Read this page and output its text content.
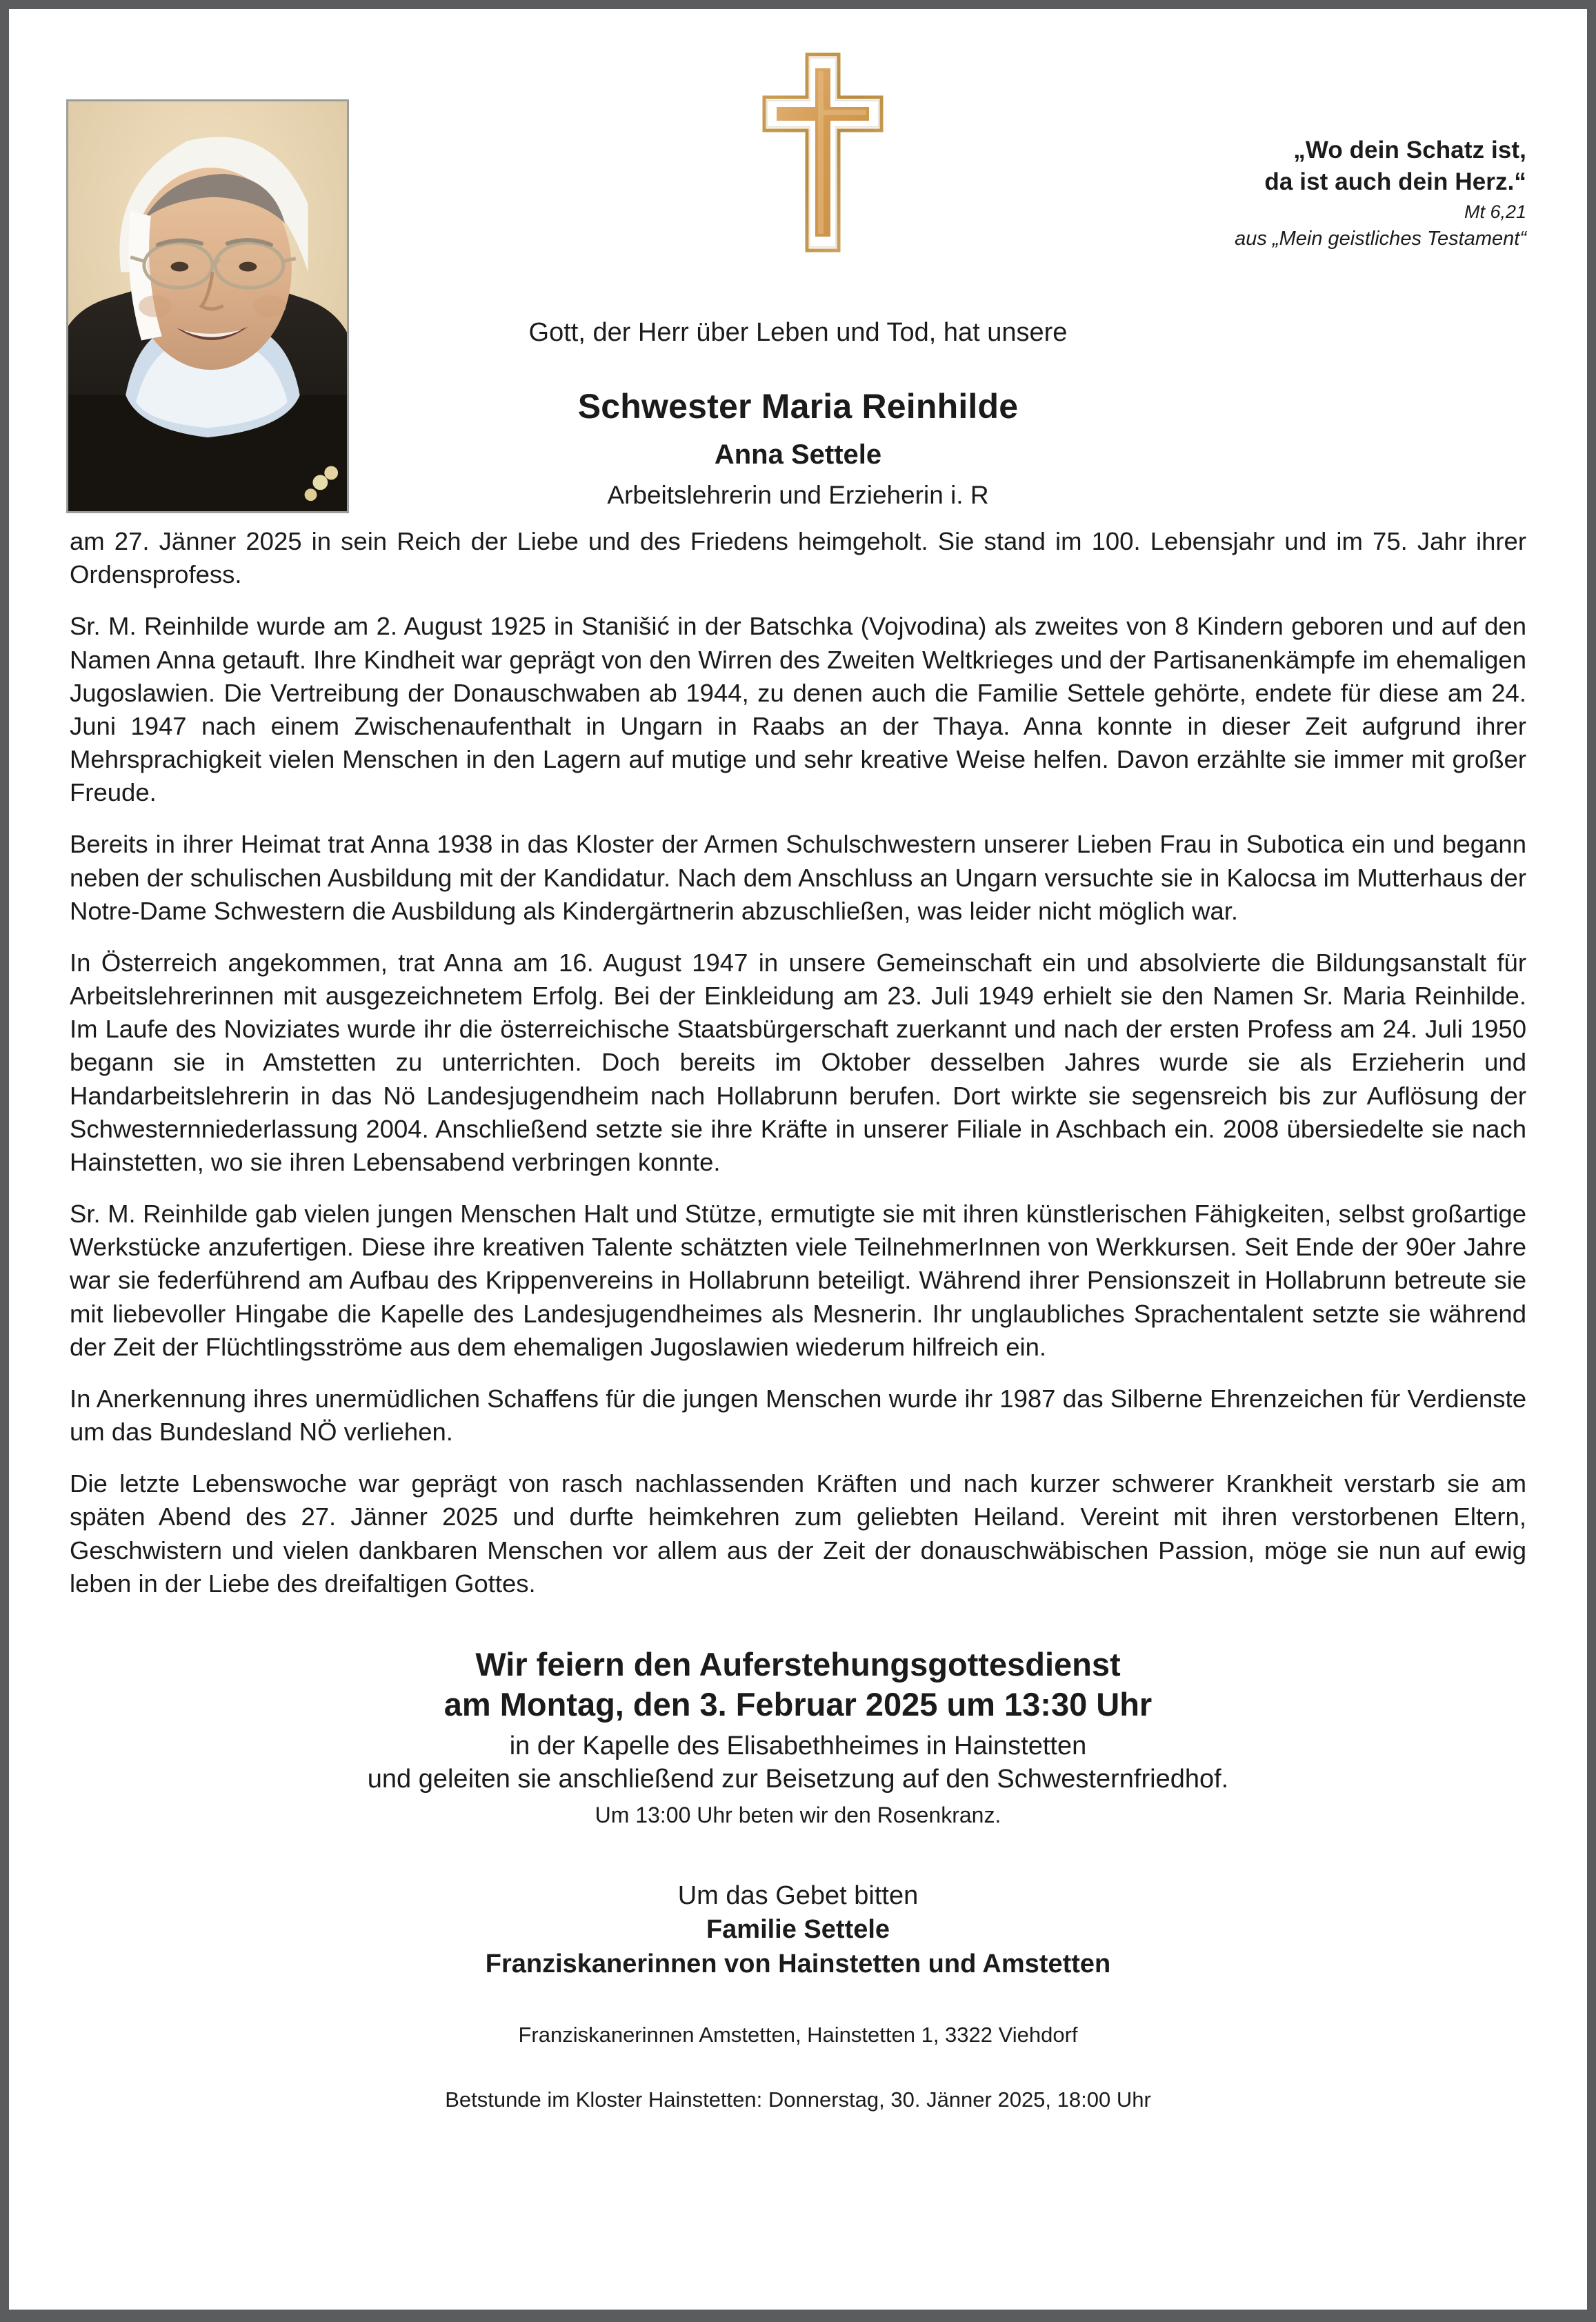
„Wo dein Schatz ist,
da ist auch dein Herz.“
Mt 6,21
aus „Mein geistliches Testament“
Gott, der Herr über Leben und Tod, hat unsere
Schwester Maria Reinhilde
Anna Settele
Arbeitslehrerin und Erzieherin i. R

am 27. Jänner 2025 in sein Reich der Liebe und des Friedens heimgeholt. Sie stand im 100. Lebensjahr und im 75. Jahr ihrer Ordensprofess.

Sr. M. Reinhilde wurde am 2. August 1925 in Stanišić in der Batschka (Vojvodina) als zweites von 8 Kindern geboren und auf den Namen Anna getauft. Ihre Kindheit war geprägt von den Wirren des Zweiten Weltkrieges und der Partisanenkämpfe im ehemaligen Jugoslawien. Die Vertreibung der Donauschwaben ab 1944, zu denen auch die Familie Settele gehörte, endete für diese am 24. Juni 1947 nach einem Zwischenaufenthalt in Ungarn in Raabs an der Thaya. Anna konnte in dieser Zeit aufgrund ihrer Mehrsprachigkeit vielen Menschen in den Lagern auf mutige und sehr kreative Weise helfen. Davon erzählte sie immer mit großer Freude.

Bereits in ihrer Heimat trat Anna 1938 in das Kloster der Armen Schulschwestern unserer Lieben Frau in Subotica ein und begann neben der schulischen Ausbildung mit der Kandidatur. Nach dem Anschluss an Ungarn versuchte sie in Kalocsa im Mutterhaus der Notre-Dame Schwestern die Ausbildung als Kindergärtnerin abzuschließen, was leider nicht möglich war.

In Österreich angekommen, trat Anna am 16. August 1947 in unsere Gemeinschaft ein und absolvierte die Bildungsanstalt für Arbeitslehrerinnen mit ausgezeichnetem Erfolg. Bei der Einkleidung am 23. Juli 1949 erhielt sie den Namen Sr. Maria Reinhilde. Im Laufe des Noviziates wurde ihr die österreichische Staatsbürgerschaft zuerkannt und nach der ersten Profess am 24. Juli 1950 begann sie in Amstetten zu unterrichten. Doch bereits im Oktober desselben Jahres wurde sie als Erzieherin und Handarbeitslehrerin in das Nö Landesjugendheim nach Hollabrunn berufen. Dort wirkte sie segensreich bis zur Auflösung der Schwesternniederlassung 2004. Anschließend setzte sie ihre Kräfte in unserer Filiale in Aschbach ein. 2008 übersiedelte sie nach Hainstetten, wo sie ihren Lebensabend verbringen konnte.

Sr. M. Reinhilde gab vielen jungen Menschen Halt und Stütze, ermutigte sie mit ihren künstlerischen Fähigkeiten, selbst großartige Werkstücke anzufertigen. Diese ihre kreativen Talente schätzten viele TeilnehmerInnen von Werkkursen. Seit Ende der 90er Jahre war sie federführend am Aufbau des Krippenvereins in Hollabrunn beteiligt. Während ihrer Pensionszeit in Hollabrunn betreute sie mit liebevoller Hingabe die Kapelle des Landesjugendheimes als Mesnerin. Ihr unglaubliches Sprachentalent setzte sie während der Zeit der Flüchtlingsströme aus dem ehemaligen Jugoslawien wiederum hilfreich ein.

In Anerkennung ihres unermüdlichen Schaffens für die jungen Menschen wurde ihr 1987 das Silberne Ehrenzeichen für Verdienste um das Bundesland NÖ verliehen.

Die letzte Lebenswoche war geprägt von rasch nachlassenden Kräften und nach kurzer schwerer Krankheit verstarb sie am späten Abend des 27. Jänner 2025 und durfte heimkehren zum geliebten Heiland. Vereint mit ihren verstorbenen Eltern, Geschwistern und vielen dankbaren Menschen vor allem aus der Zeit der donauschwäbischen Passion, möge sie nun auf ewig leben in der Liebe des dreifaltigen Gottes.

Wir feiern den Auferstehungsgottesdienst
am Montag, den 3. Februar 2025 um 13:30 Uhr
in der Kapelle des Elisabethheimes in Hainstetten
und geleiten sie anschließend zur Beisetzung auf den Schwesternfriedhof.
Um 13:00 Uhr beten wir den Rosenkranz.
Um das Gebet bitten
Familie Settele
Franziskanerinnen von Hainstetten und Amstetten
Franziskanerinnen Amstetten, Hainstetten 1, 3322 Viehdorf
Betstunde im Kloster Hainstetten: Donnerstag, 30. Jänner 2025, 18:00 Uhr
